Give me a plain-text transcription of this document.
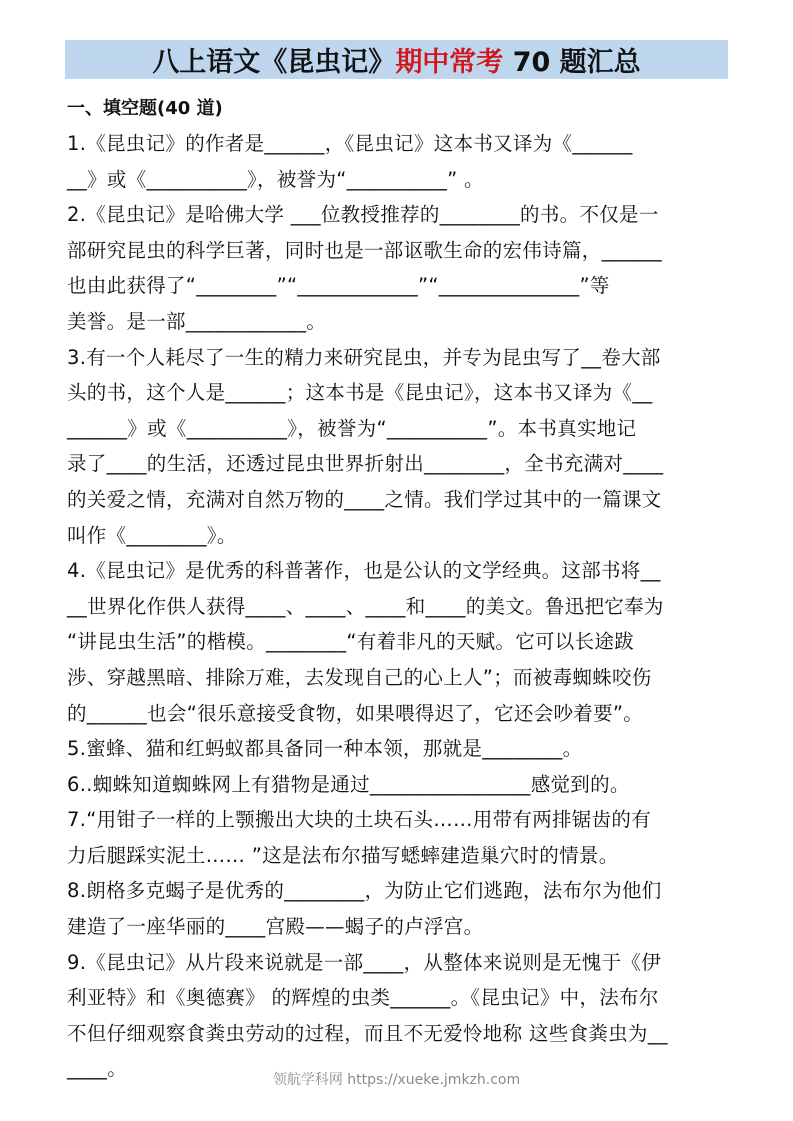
八上语文《昆虫记》期中常考 70 题汇总
一、填空题(40 道)
1.《昆虫记》的作者是______，《昆虫记》这本书又译为《______
__》或《__________》，被誉为“__________” 。
2.《昆虫记》是哈佛大学 ___位教授推荐的________的书。不仅是一
部研究昆虫的科学巨著，同时也是一部讴歌生命的宏伟诗篇，______
也由此获得了“________”“____________”“______________”等
美誉。是一部____________。
3.有一个人耗尽了一生的精力来研究昆虫，并专为昆虫写了__卷大部
头的书，这个人是______；这本书是《昆虫记》，这本书又译为《__
______》或《__________》，被誉为“__________”。本书真实地记
录了____的生活，还透过昆虫世界折射出________，全书充满对____
的关爱之情，充满对自然万物的____之情。我们学过其中的一篇课文
叫作《________》。
4.《昆虫记》是优秀的科普著作，也是公认的文学经典。这部书将__
__世界化作供人获得____、____、____和____的美文。鲁迅把它奉为
“讲昆虫生活”的楷模。________“有着非凡的天赋。它可以长途跋
涉、穿越黑暗、排除万难，去发现自己的心上人”；而被毒蜘蛛咬伤
的______也会“很乐意接受食物，如果喂得迟了，它还会吵着要”。
5.蜜蜂、猫和红蚂蚁都具备同一种本领，那就是________。
6..蜘蛛知道蜘蛛网上有猎物是通过________________感觉到的。
7.“用钳子一样的上颚搬出大块的土块石头……用带有两排锯齿的有
力后腿踩实泥土…… ”这是法布尔描写蟋蟀建造巢穴时的情景。
8.朗格多克蝎子是优秀的________，为防止它们逃跑，法布尔为他们
建造了一座华丽的____宫殿——蝎子的卢浮宫。
9.《昆虫记》从片段来说就是一部____，从整体来说则是无愧于《伊
利亚特》和《奥德赛》 的辉煌的虫类______。《昆虫记》中，法布尔
不但仔细观察食粪虫劳动的过程，而且不无爱怜地称 这些食粪虫为__
____。	领航学科网 https://xueke.jmkzh.com
